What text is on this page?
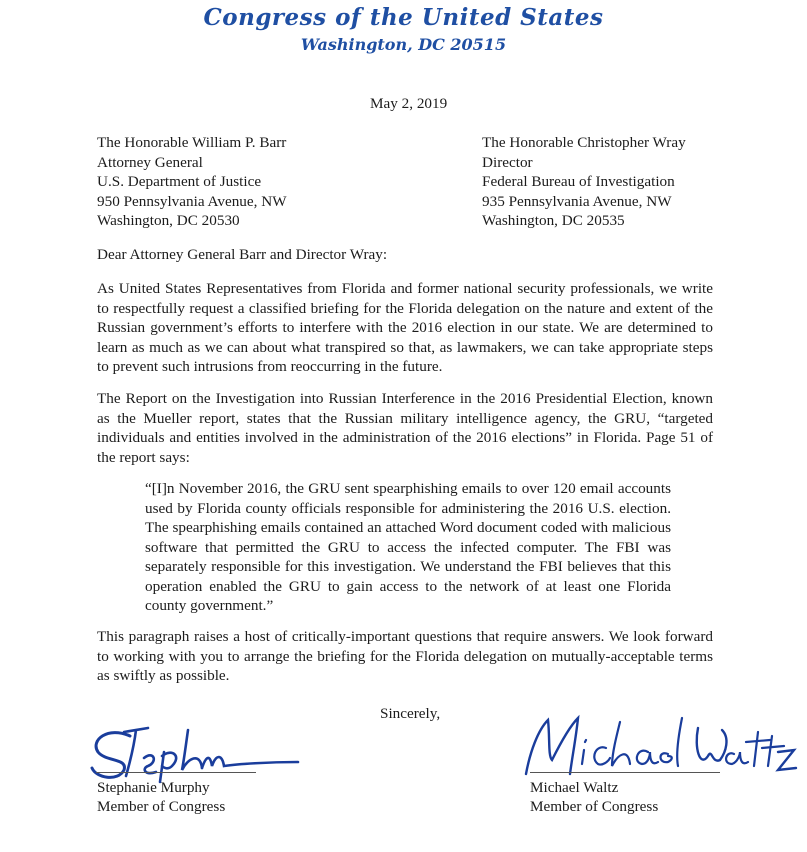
Congress of the United States
Washington, DC 20515
May 2, 2019
The Honorable William P. Barr
Attorney General
U.S. Department of Justice
950 Pennsylvania Avenue, NW
Washington, DC 20530
The Honorable Christopher Wray
Director
Federal Bureau of Investigation
935 Pennsylvania Avenue, NW
Washington, DC 20535
Dear Attorney General Barr and Director Wray:
As United States Representatives from Florida and former national security professionals, we write to respectfully request a classified briefing for the Florida delegation on the nature and extent of the Russian government’s efforts to interfere with the 2016 election in our state. We are determined to learn as much as we can about what transpired so that, as lawmakers, we can take appropriate steps to prevent such intrusions from reoccurring in the future.
The Report on the Investigation into Russian Interference in the 2016 Presidential Election, known as the Mueller report, states that the Russian military intelligence agency, the GRU, “targeted individuals and entities involved in the administration of the 2016 elections” in Florida. Page 51 of the report says:
“[I]n November 2016, the GRU sent spearphishing emails to over 120 email accounts used by Florida county officials responsible for administering the 2016 U.S. election. The spearphishing emails contained an attached Word document coded with malicious software that permitted the GRU to access the infected computer. The FBI was separately responsible for this investigation. We understand the FBI believes that this operation enabled the GRU to gain access to the network of at least one Florida county government.”
This paragraph raises a host of critically-important questions that require answers. We look forward to working with you to arrange the briefing for the Florida delegation on mutually-acceptable terms as swiftly as possible.
Sincerely,
Stephanie Murphy
Member of Congress
Michael Waltz
Member of Congress
